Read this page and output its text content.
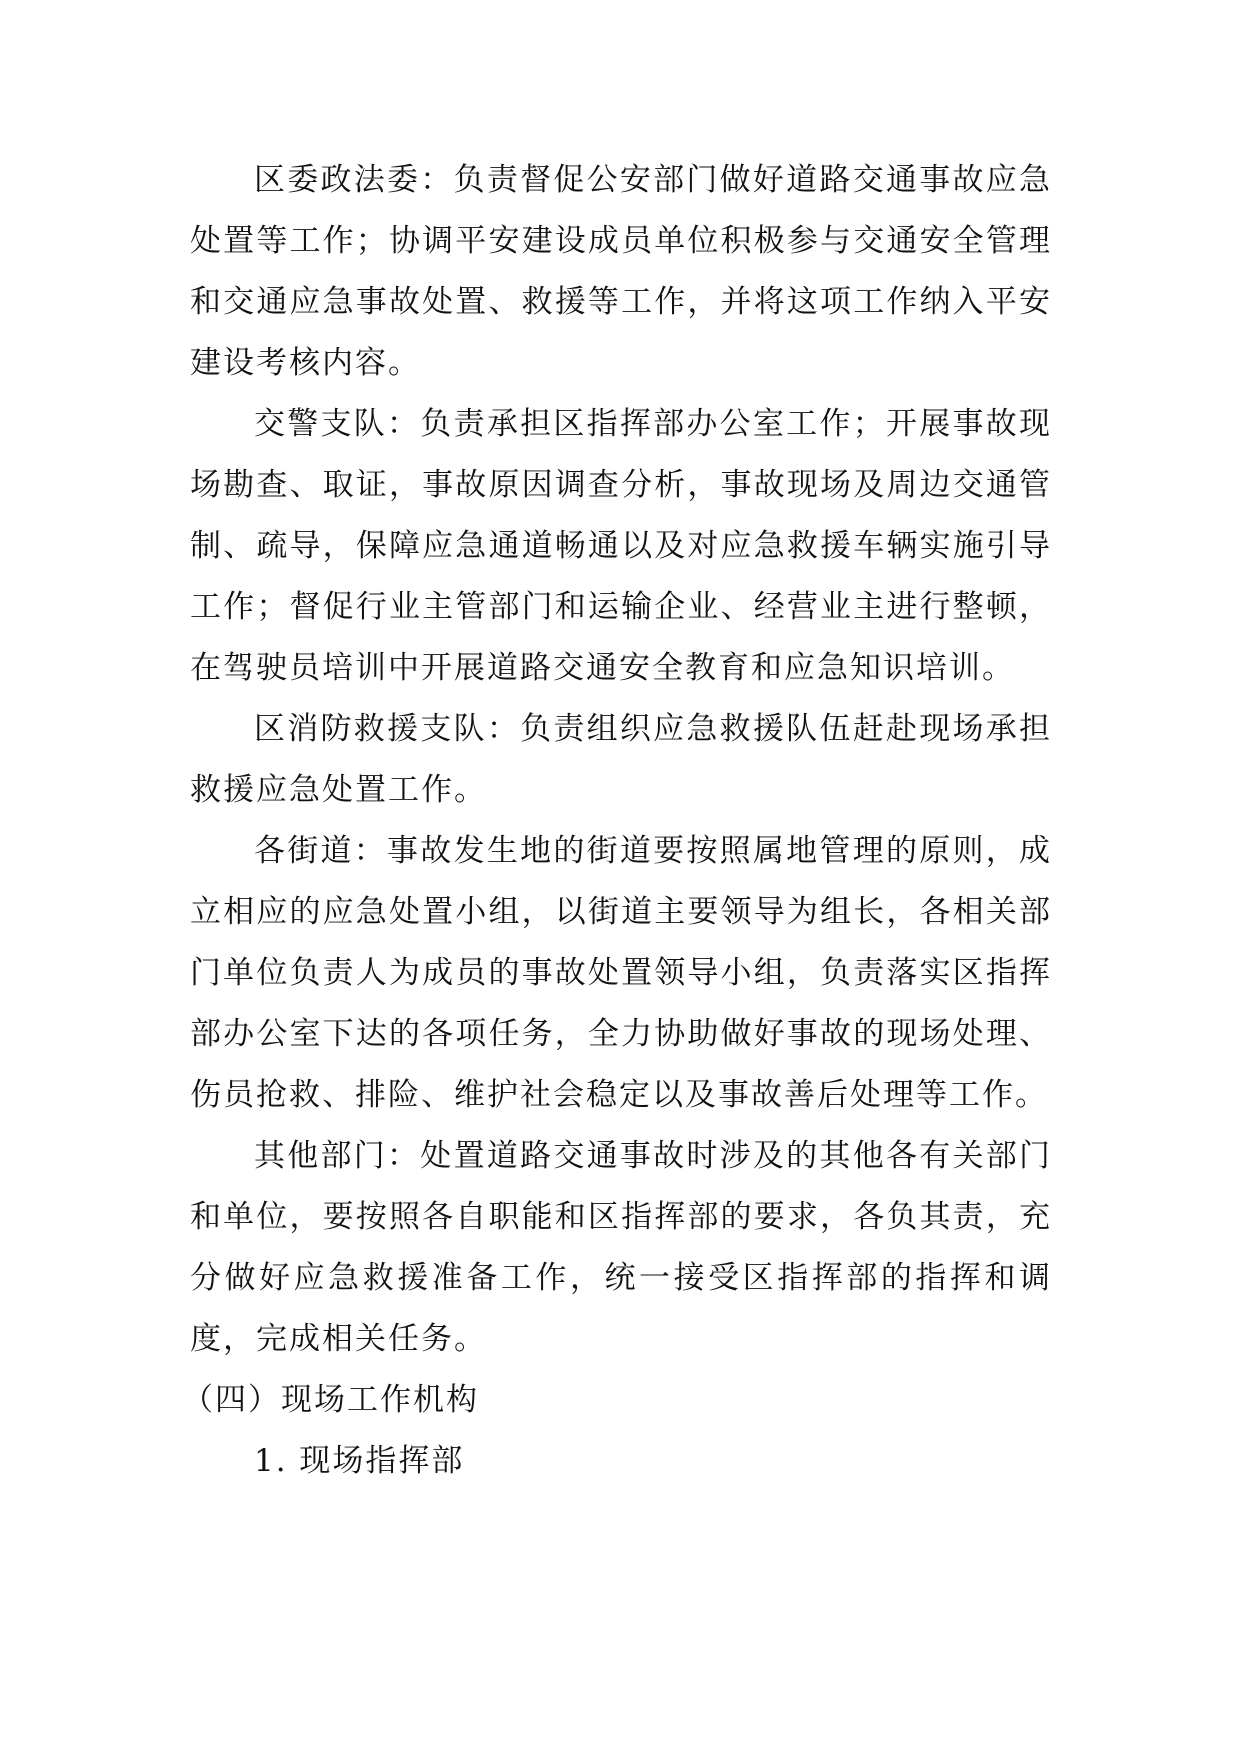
区委政法委：负责督促公安部门做好道路交通事故应急处置等工作；协调平安建设成员单位积极参与交通安全管理和交通应急事故处置、救援等工作，并将这项工作纳入平安建设考核内容。

交警支队：负责承担区指挥部办公室工作；开展事故现场勘查、取证，事故原因调查分析，事故现场及周边交通管制、疏导，保障应急通道畅通以及对应急救援车辆实施引导工作；督促行业主管部门和运输企业、经营业主进行整顿，在驾驶员培训中开展道路交通安全教育和应急知识培训。

区消防救援支队：负责组织应急救援队伍赶赴现场承担救援应急处置工作。

各街道：事故发生地的街道要按照属地管理的原则，成立相应的应急处置小组，以街道主要领导为组长，各相关部门单位负责人为成员的事故处置领导小组，负责落实区指挥部办公室下达的各项任务，全力协助做好事故的现场处理、伤员抢救、排险、维护社会稳定以及事故善后处理等工作。

其他部门：处置道路交通事故时涉及的其他各有关部门和单位，要按照各自职能和区指挥部的要求，各负其责，充分做好应急救援准备工作，统一接受区指挥部的指挥和调度，完成相关任务。

（四）现场工作机构

1. 现场指挥部
